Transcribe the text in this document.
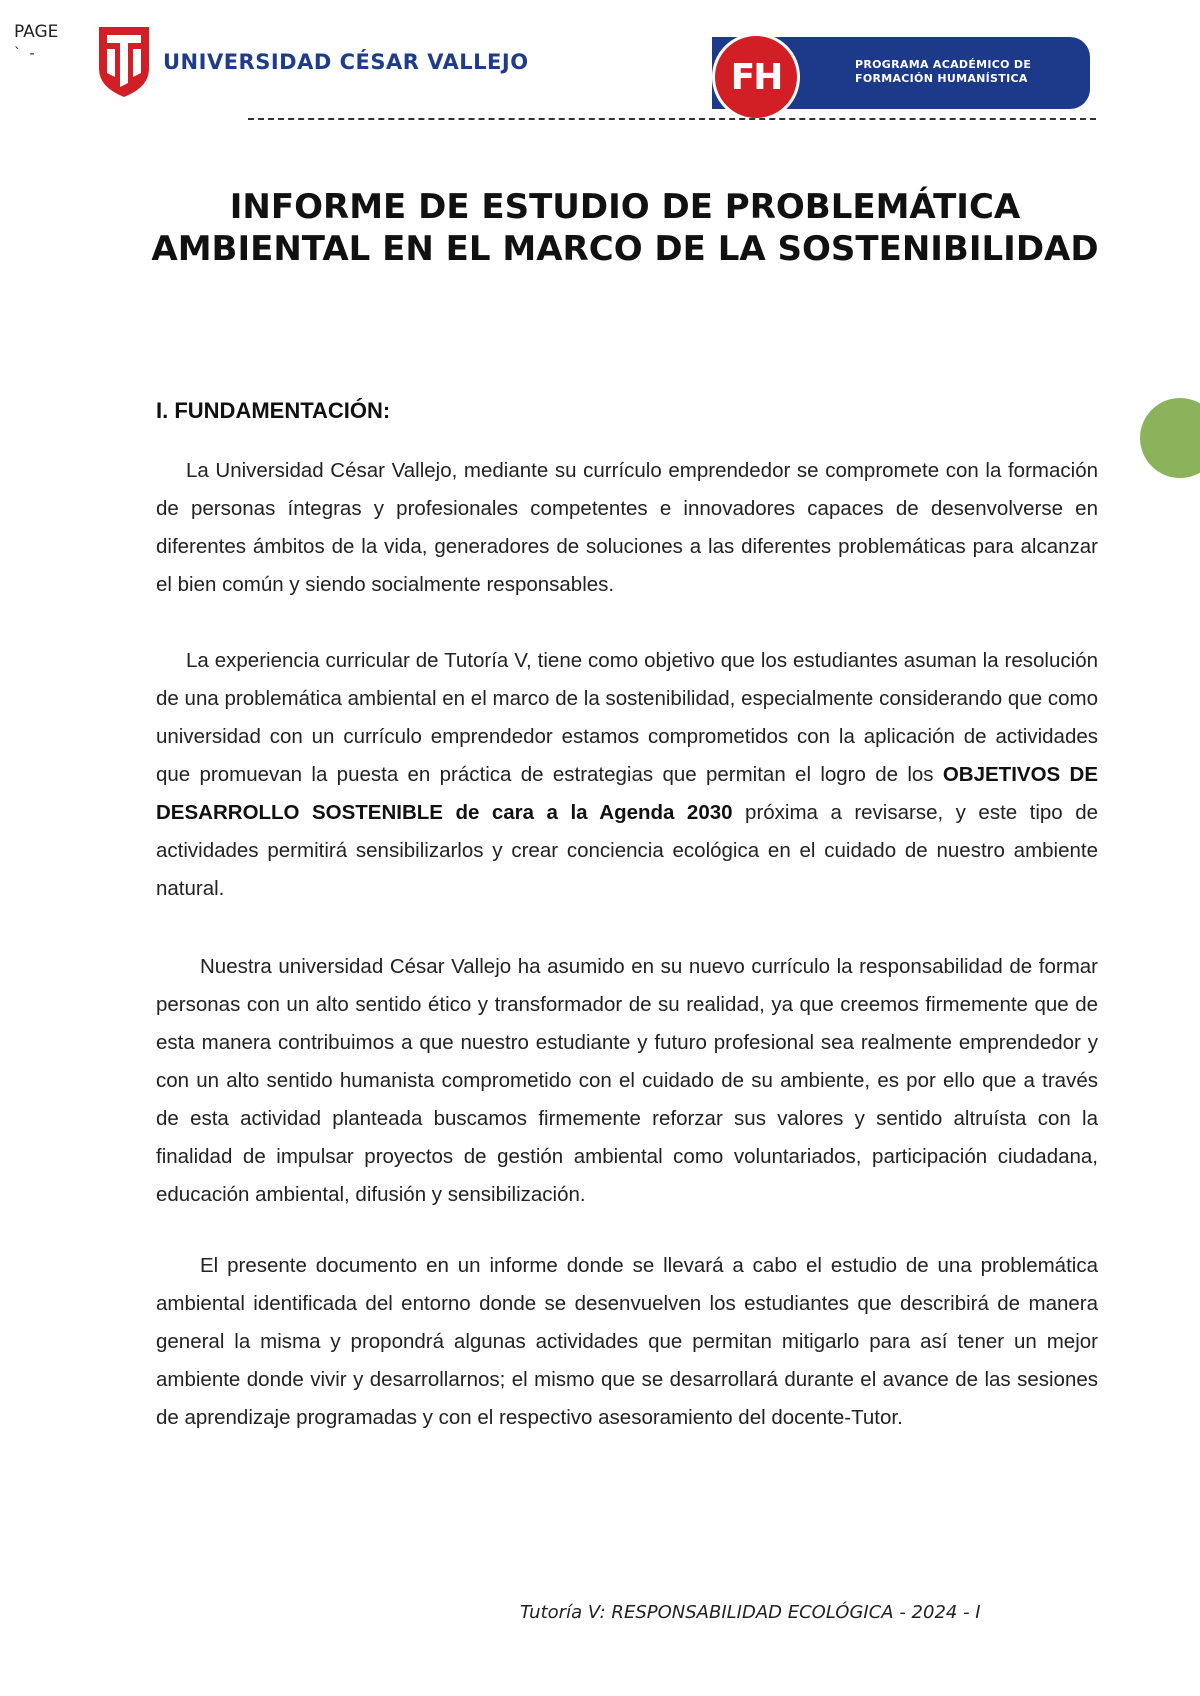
PAGE
` -	UNIVERSIDAD CÉSAR VALLEJO	FH	PROGRAMA ACADÉMICO DE
FORMACIÓN HUMANÍSTICA
INFORME DE ESTUDIO DE PROBLEMÁTICA AMBIENTAL EN EL MARCO DE LA SOSTENIBILIDAD
I. FUNDAMENTACIÓN:

La Universidad César Vallejo, mediante su currículo emprendedor se compromete con la formación de personas íntegras y profesionales competentes e innovadores capaces de desenvolverse en diferentes ámbitos de la vida, generadores de soluciones a las diferentes problemáticas para alcanzar el bien común y siendo socialmente responsables.

La experiencia curricular de Tutoría V, tiene como objetivo que los estudiantes asuman la resolución de una problemática ambiental en el marco de la sostenibilidad, especialmente considerando que como universidad con un currículo emprendedor estamos comprometidos con la aplicación de actividades que promuevan la puesta en práctica de estrategias que permitan el logro de los OBJETIVOS DE DESARROLLO SOSTENIBLE de cara a la Agenda 2030 próxima a revisarse, y este tipo de actividades permitirá sensibilizarlos y crear conciencia ecológica en el cuidado de nuestro ambiente natural.

Nuestra universidad César Vallejo ha asumido en su nuevo currículo la responsabilidad de formar personas con un alto sentido ético y transformador de su realidad, ya que creemos firmemente que de esta manera contribuimos a que nuestro estudiante y futuro profesional sea realmente emprendedor y con un alto sentido humanista comprometido con el cuidado de su ambiente, es por ello que a través de esta actividad planteada buscamos firmemente reforzar sus valores y sentido altruísta con la finalidad de impulsar proyectos de gestión ambiental como voluntariados, participación ciudadana, educación ambiental, difusión y sensibilización.

El presente documento en un informe donde se llevará a cabo el estudio de una problemática ambiental identificada del entorno donde se desenvuelven los estudiantes que describirá de manera general la misma y propondrá algunas actividades que permitan mitigarlo para así tener un mejor ambiente donde vivir y desarrollarnos; el mismo que se desarrollará durante el avance de las sesiones de aprendizaje programadas y con el respectivo asesoramiento del docente-Tutor.

Tutoría V: RESPONSABILIDAD ECOLÓGICA - 2024 - I
